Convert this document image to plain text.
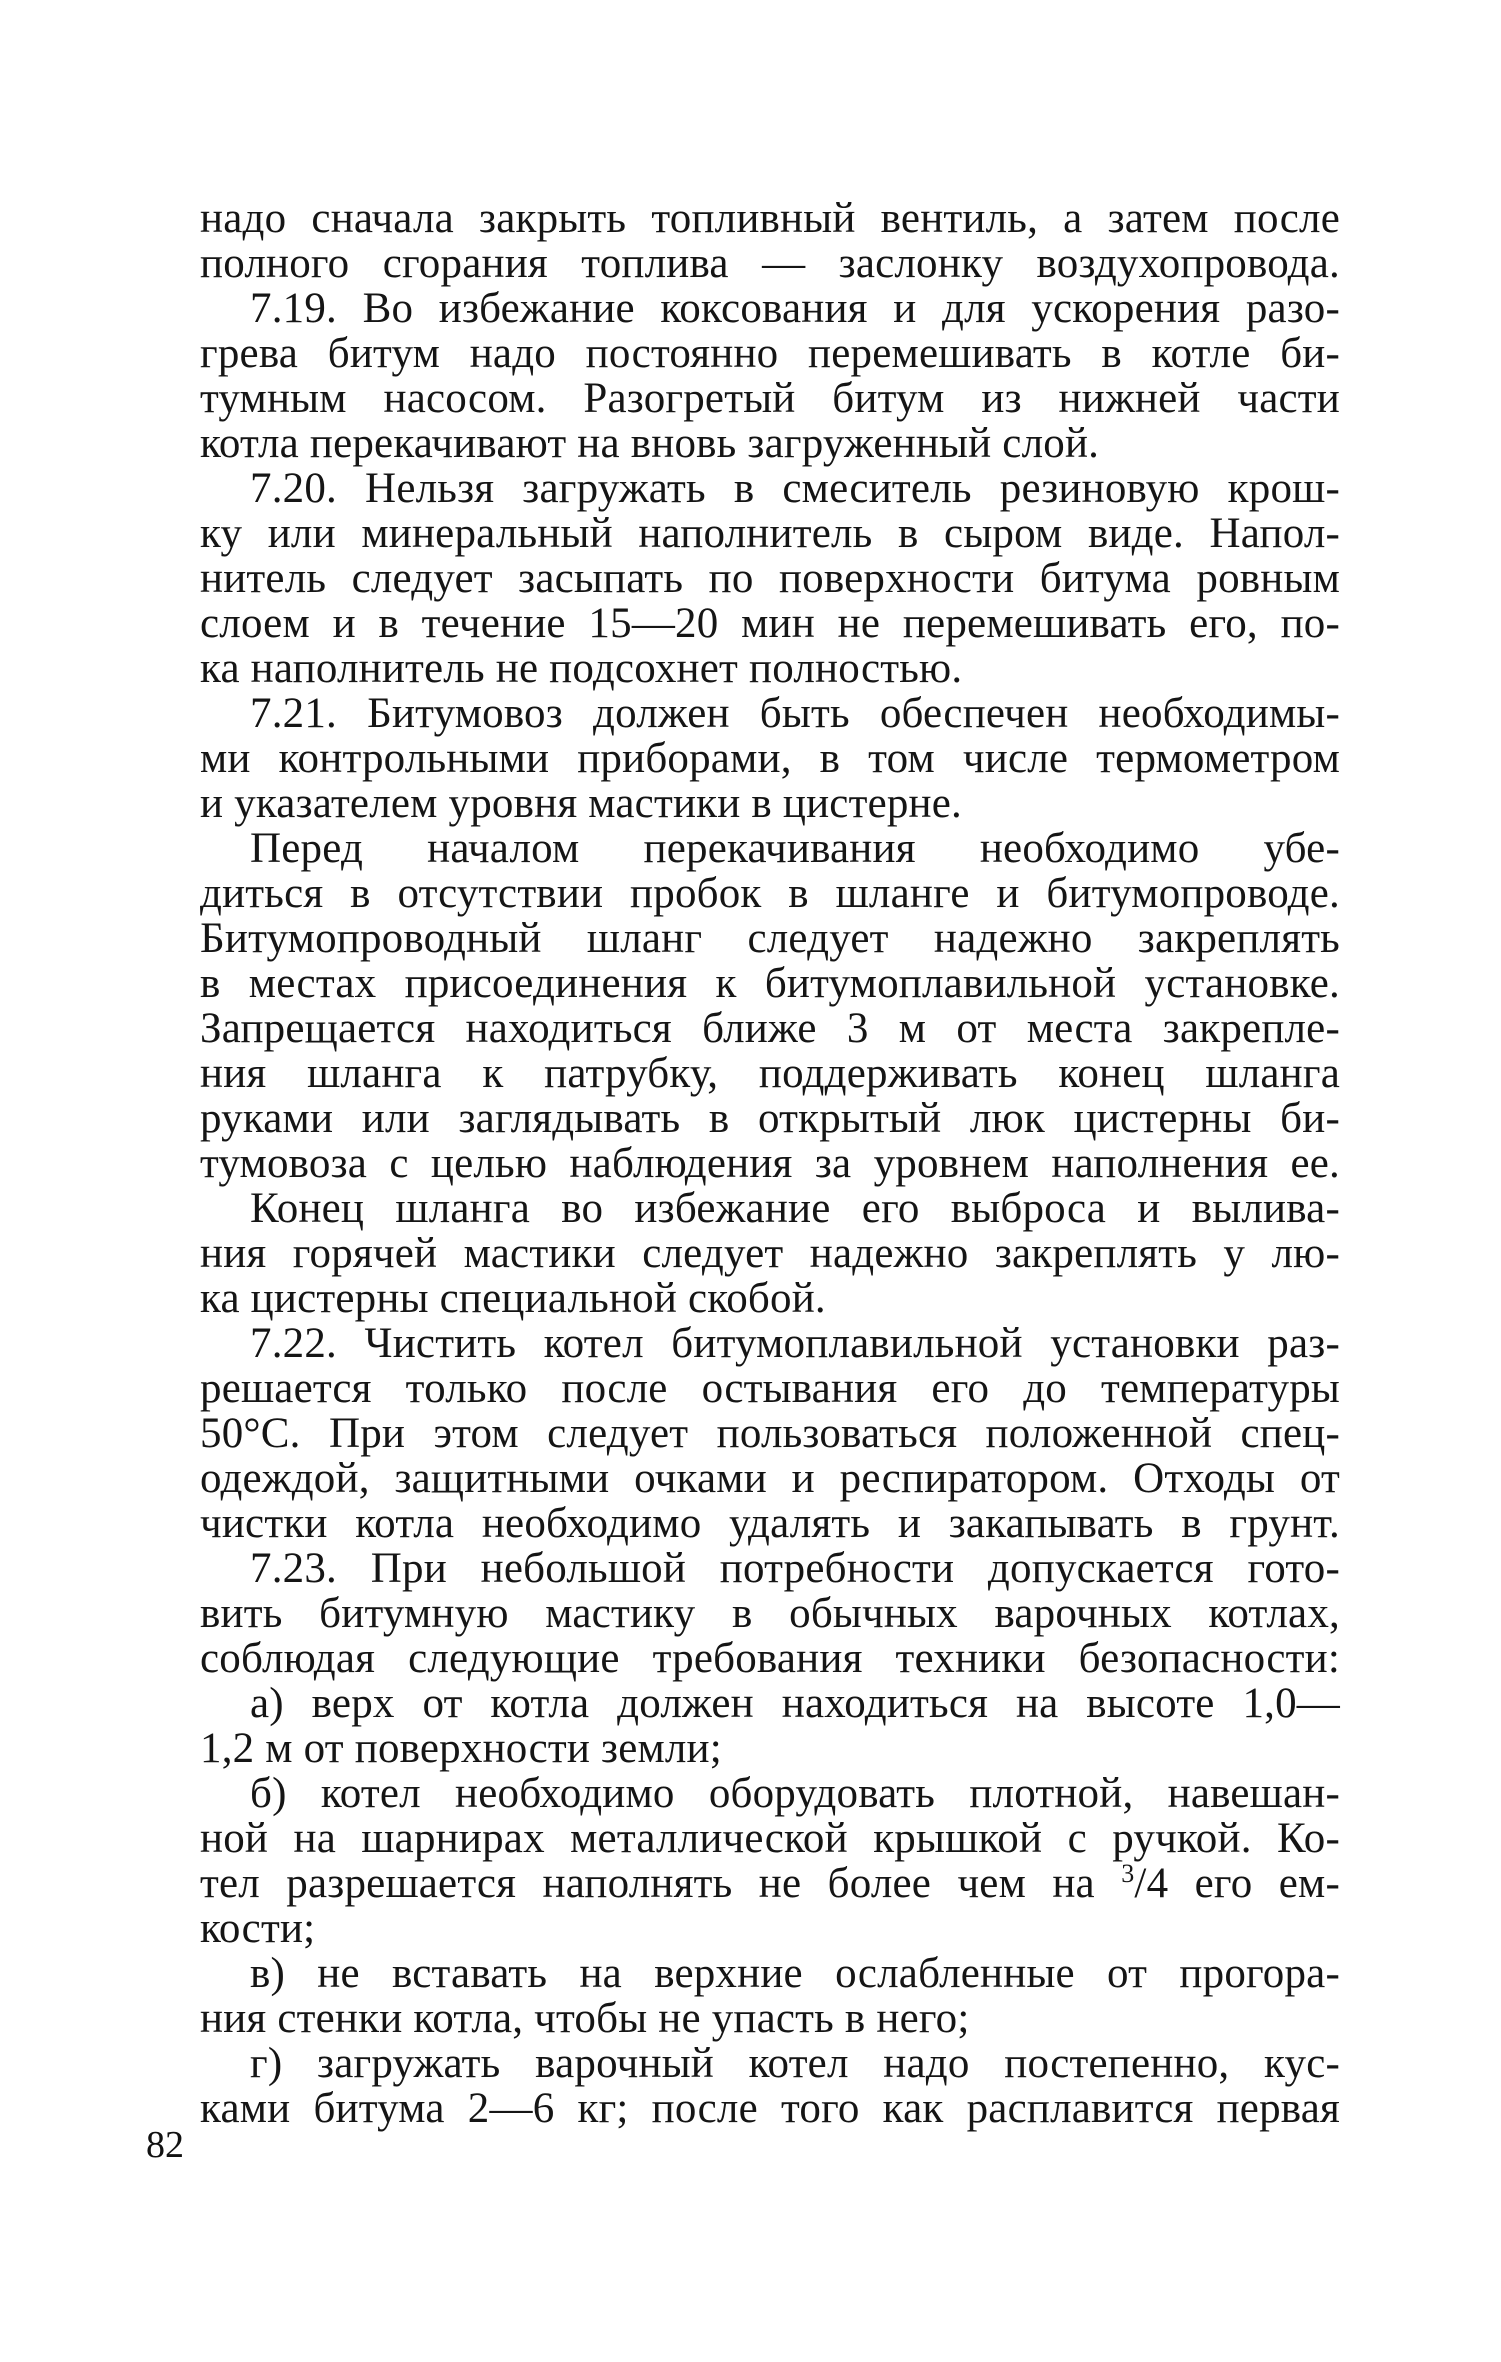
надо сначала закрыть топливный вентиль, а затем после
полного сгорания топлива — заслонку воздухопровода.
7.19. Во избежание коксования и для ускорения разо-
грева битум надо постоянно перемешивать в котле би-
тумным насосом. Разогретый битум из нижней части
котла перекачивают на вновь загруженный слой.
7.20. Нельзя загружать в смеситель резиновую крош-
ку или минеральный наполнитель в сыром виде. Напол-
нитель следует засыпать по поверхности битума ровным
слоем и в течение 15—20 мин не перемешивать его, по-
ка наполнитель не подсохнет полностью.
7.21. Битумовоз должен быть обеспечен необходимы-
ми контрольными приборами, в том числе термометром
и указателем уровня мастики в цистерне.
Перед началом перекачивания необходимо убе-
диться в отсутствии пробок в шланге и битумопроводе.
Битумопроводный шланг следует надежно закреплять
в местах присоединения к битумоплавильной установке.
Запрещается находиться ближе 3 м от места закрепле-
ния шланга к патрубку, поддерживать конец шланга
руками или заглядывать в открытый люк цистерны би-
тумовоза с целью наблюдения за уровнем наполнения ее.
Конец шланга во избежание его выброса и вылива-
ния горячей мастики следует надежно закреплять у лю-
ка цистерны специальной скобой.
7.22. Чистить котел битумоплавильной установки раз-
решается только после остывания его до температуры
50°С. При этом следует пользоваться положенной спец-
одеждой, защитными очками и респиратором. Отходы от
чистки котла необходимо удалять и закапывать в грунт.
7.23. При небольшой потребности допускается гото-
вить битумную мастику в обычных варочных котлах,
соблюдая следующие требования техники безопасности:
а) верх от котла должен находиться на высоте 1,0—
1,2 м от поверхности земли;
б) котел необходимо оборудовать плотной, навешан-
ной на шарнирах металлической крышкой с ручкой. Ко-
тел разрешается наполнять не более чем на $^3$/4 его ем-
кости;
в) не вставать на верхние ослабленные от прогора-
ния стенки котла, чтобы не упасть в него;
г) загружать варочный котел надо постепенно, кус-
ками битума 2—6 кг; после того как расплавится первая
82
